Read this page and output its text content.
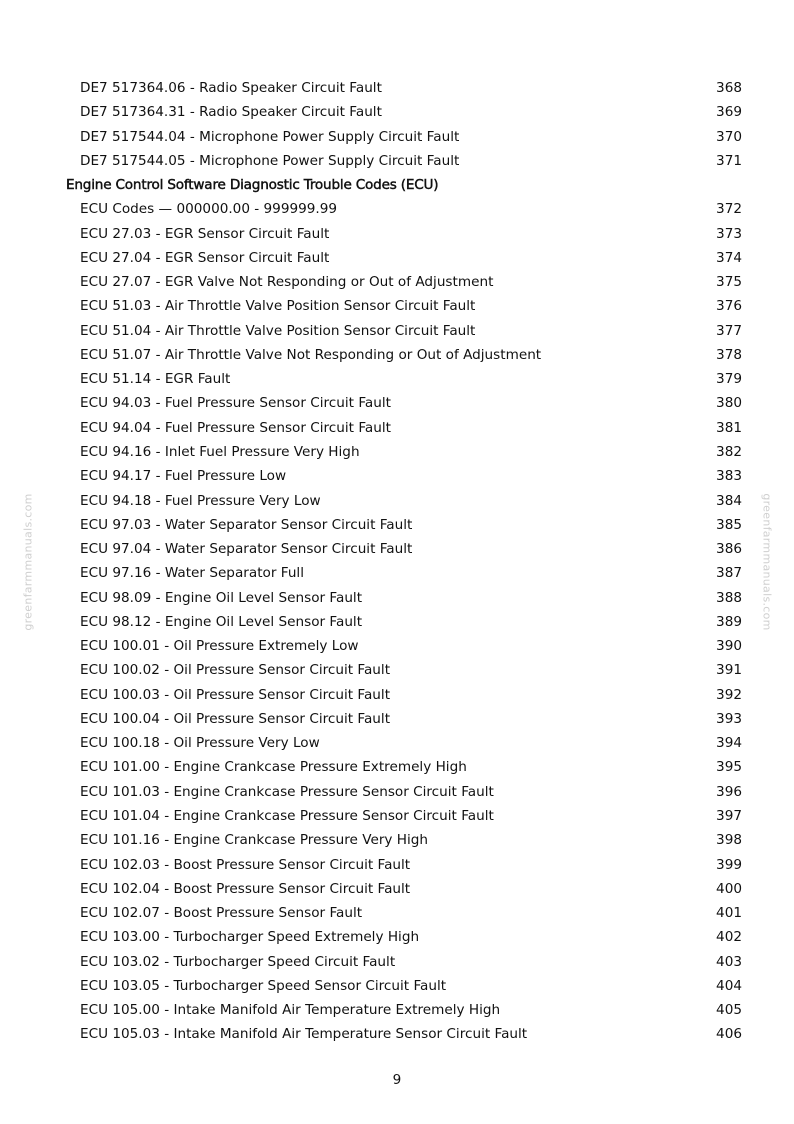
DE7 517364.06 - Radio Speaker Circuit Fault	368
DE7 517364.31 - Radio Speaker Circuit Fault	369
DE7 517544.04 - Microphone Power Supply Circuit Fault	370
DE7 517544.05 - Microphone Power Supply Circuit Fault	371
Engine Control Software Diagnostic Trouble Codes (ECU)
ECU Codes — 000000.00 - 999999.99	372
ECU 27.03 - EGR Sensor Circuit Fault	373
ECU 27.04 - EGR Sensor Circuit Fault	374
ECU 27.07 - EGR Valve Not Responding or Out of Adjustment	375
ECU 51.03 - Air Throttle Valve Position Sensor Circuit Fault	376
ECU 51.04 - Air Throttle Valve Position Sensor Circuit Fault	377
ECU 51.07 - Air Throttle Valve Not Responding or Out of Adjustment	378
ECU 51.14 - EGR Fault	379
ECU 94.03 - Fuel Pressure Sensor Circuit Fault	380
ECU 94.04 - Fuel Pressure Sensor Circuit Fault	381
ECU 94.16 - Inlet Fuel Pressure Very High	382
ECU 94.17 - Fuel Pressure Low	383
ECU 94.18 - Fuel Pressure Very Low	384
ECU 97.03 - Water Separator Sensor Circuit Fault	385
ECU 97.04 - Water Separator Sensor Circuit Fault	386
ECU 97.16 - Water Separator Full	387
ECU 98.09 - Engine Oil Level Sensor Fault	388
ECU 98.12 - Engine Oil Level Sensor Fault	389
ECU 100.01 - Oil Pressure Extremely Low	390
ECU 100.02 - Oil Pressure Sensor Circuit Fault	391
ECU 100.03 - Oil Pressure Sensor Circuit Fault	392
ECU 100.04 - Oil Pressure Sensor Circuit Fault	393
ECU 100.18 - Oil Pressure Very Low	394
ECU 101.00 - Engine Crankcase Pressure Extremely High	395
ECU 101.03 - Engine Crankcase Pressure Sensor Circuit Fault	396
ECU 101.04 - Engine Crankcase Pressure Sensor Circuit Fault	397
ECU 101.16 - Engine Crankcase Pressure Very High	398
ECU 102.03 - Boost Pressure Sensor Circuit Fault	399
ECU 102.04 - Boost Pressure Sensor Circuit Fault	400
ECU 102.07 - Boost Pressure Sensor Fault	401
ECU 103.00 - Turbocharger Speed Extremely High	402
ECU 103.02 - Turbocharger Speed Circuit Fault	403
ECU 103.05 - Turbocharger Speed Sensor Circuit Fault	404
ECU 105.00 - Intake Manifold Air Temperature Extremely High	405
ECU 105.03 - Intake Manifold Air Temperature Sensor Circuit Fault	406
greenfarmmanuals.com	greenfarmmanuals.com
9
